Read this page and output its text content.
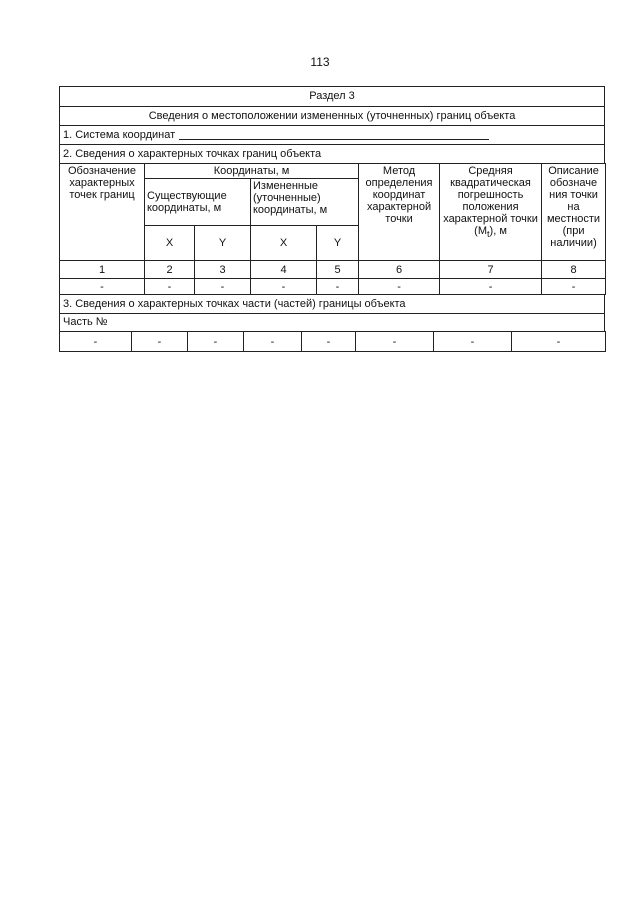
113
Раздел 3
Сведения о местоположении измененных (уточненных) границ объекта
1. Система координат
2. Сведения о характерных точках границ объекта
Обозначение характерных точек границ	Координаты, м				Метод определения координат характерной точки	Средняя квадратическая погрешность положения характерной точки $(M_t)$, м	Описание обозначе ния точки на местности (при наличии)
	Существующие координаты, м		Измененные (уточненные) координаты, м				
	X	Y	X	Y			
1	2	3	4	5	6	7	8
-	-	-	-	-	-	-	-
3. Сведения о характерных точках части (частей) границы объекта
Часть №
-	-	-	-	-	-	-	-
